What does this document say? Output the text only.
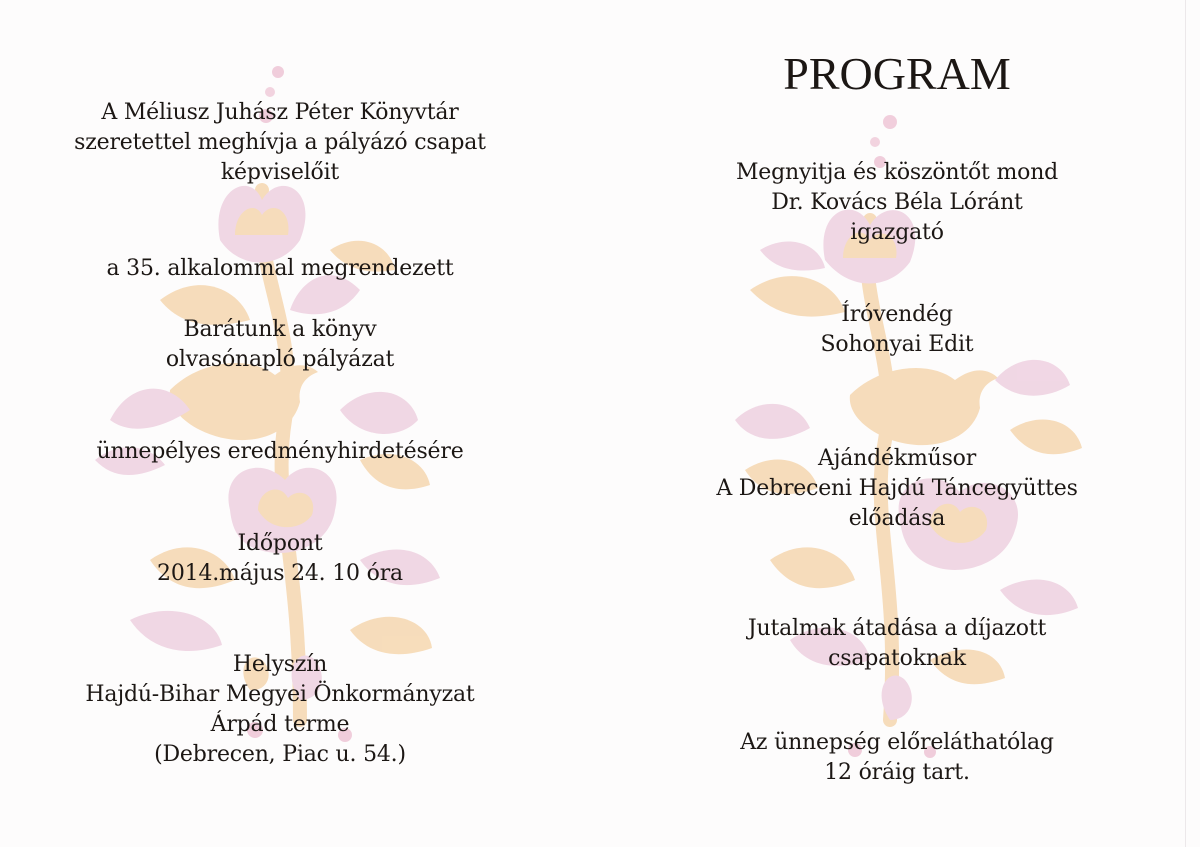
A Méliusz Juhász Péter Könyvtár
szeretettel meghívja a pályázó csapat
képviselőit
a 35. alkalommal megrendezett
Barátunk a könyv
olvasónapló pályázat
ünnepélyes eredményhirdetésére
Időpont
2014.május 24. 10 óra
Helyszín
Hajdú-Bihar Megyei Önkormányzat
Árpád terme
(Debrecen, Piac u. 54.)
PROGRAM
Megnyitja és köszöntőt mond
Dr. Kovács Béla Lóránt
igazgató
Íróvendég
Sohonyai Edit
Ajándékműsor
A Debreceni Hajdú Táncegyüttes
előadása
Jutalmak átadása a díjazott
csapatoknak
Az ünnepség előreláthatólag
12 óráig tart.
